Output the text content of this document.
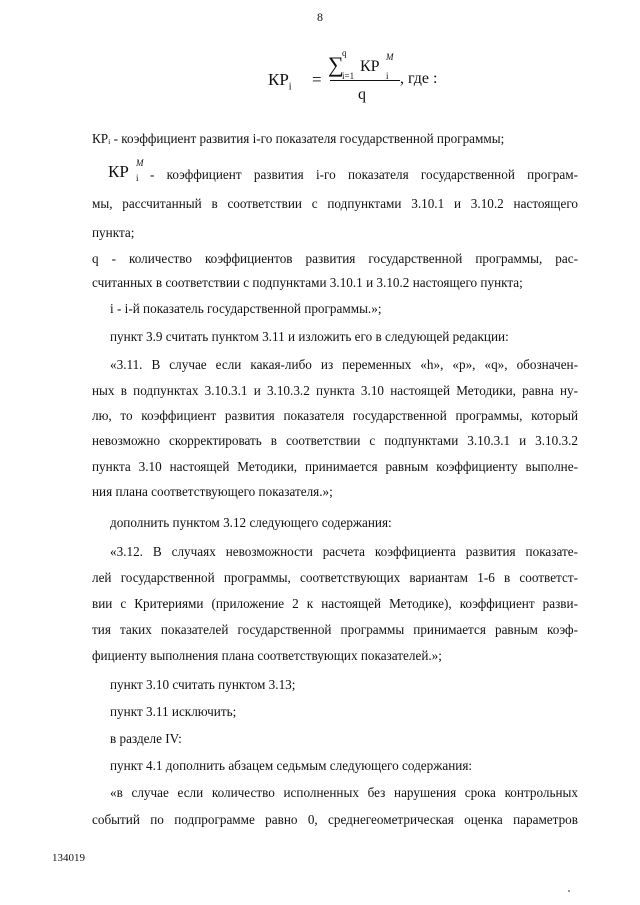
8
$КР_i$ =
∑
q
i=1
КР
M
i
q
, где :
КР M
i
КРᵢ - коэффициент развития i-го показателя государственной программы;
- коэффициент развития i-го показателя государственной програм-
мы, рассчитанный в соответствии с подпунктами 3.10.1 и 3.10.2 настоящего
пункта;
q - количество коэффициентов развития государственной программы, рас-
считанных в соответствии с подпунктами 3.10.1 и 3.10.2 настоящего пункта;
i - i-й показатель государственной программы.»;
пункт 3.9 считать пунктом 3.11 и изложить его в следующей редакции:
«3.11. В случае если какая-либо из переменных «h», «p», «q», обозначен-
ных в подпунктах 3.10.3.1 и 3.10.3.2 пункта 3.10 настоящей Методики, равна ну-
лю, то коэффициент развития показателя государственной программы, который
невозможно скорректировать в соответствии с подпунктами 3.10.3.1 и 3.10.3.2
пункта 3.10 настоящей Методики, принимается равным коэффициенту выполне-
ния плана соответствующего показателя.»;
дополнить пунктом 3.12 следующего содержания:
«3.12. В случаях невозможности расчета коэффициента развития показате-
лей государственной программы, соответствующих вариантам 1-6 в соответст-
вии с Критериями (приложение 2 к настоящей Методике), коэффициент разви-
тия таких показателей государственной программы принимается равным коэф-
фициенту выполнения плана соответствующих показателей.»;
пункт 3.10 считать пунктом 3.13;
пункт 3.11 исключить;
в разделе IV:
пункт 4.1 дополнить абзацем седьмым следующего содержания:
«в случае если количество исполненных без нарушения срока контрольных
событий по подпрограмме равно 0, среднегеометрическая оценка параметров
134019
